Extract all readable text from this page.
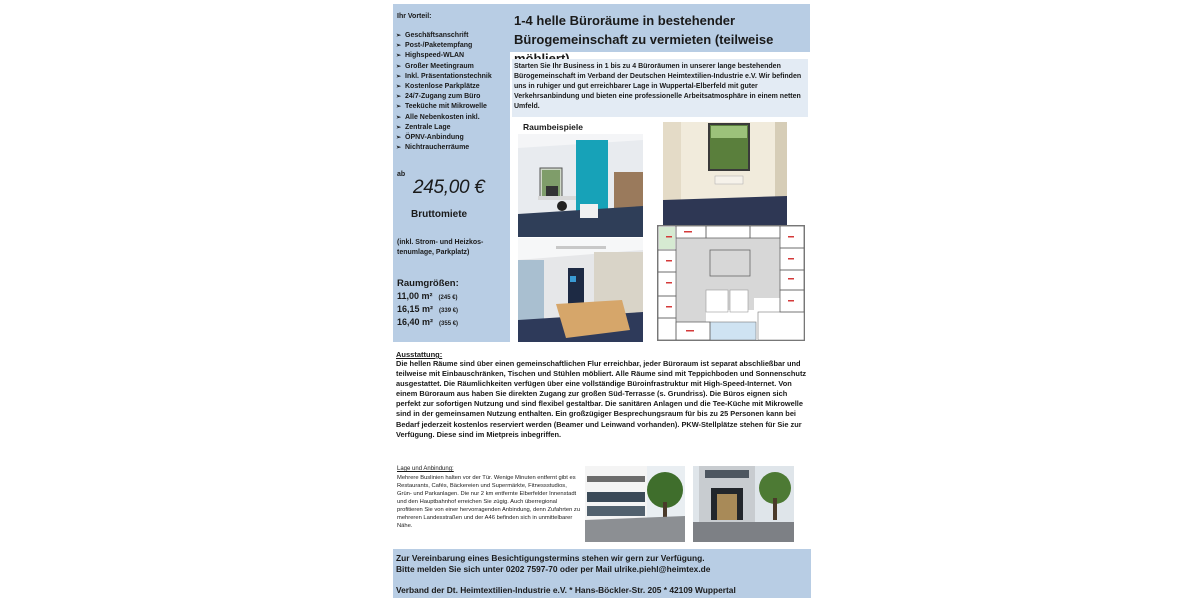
Ihr Vorteil:
➢ Geschäftsanschrift
➢ Post-/Paketempfang
➢ Highspeed-WLAN
➢ Großer Meetingraum
➢ Inkl. Präsentationstechnik
➢ Kostenlose Parkplätze
➢ 24/7-Zugang zum Büro
➢ Teeküche mit Mikrowelle
➢ Alle Nebenkosten inkl.
➢ Zentrale Lage
➢ ÖPNV-Anbindung
➢ Nichtraucherräume
ab
245,00 €
Bruttomiete
(inkl. Strom- und Heizkos-tenumlage, Parkplatz)
Raumgrößen:
11,00 m² (245 €)
16,15 m² (339 €)
16,40 m² (355 €)
1-4 helle Büroräume in bestehender Bürogemeinschaft zu vermieten (teilweise
Starten Sie Ihr Business in 1 bis zu 4 Büroräumen in unserer lange bestehenden Bürogemeinschaft im Verband der Deutschen Heimtextilien-Industrie e.V. Wir befinden uns in ruhiger und gut erreichbarer Lage in Wuppertal-Elberfeld mit guter Verkehrsanbindung und bieten eine professionelle Arbeitsatmosphäre in einem netten Umfeld.
Raumbeispiele
Ausstattung:
Die hellen Räume sind über einen gemeinschaftlichen Flur erreichbar, jeder Büroraum ist separat abschließbar und teilweise mit Einbauschränken, Tischen und Stühlen möbliert. Alle Räume sind mit Teppichboden und Sonnenschutz ausgestattet. Die Räumlichkeiten verfügen über eine vollständige Büroinfrastruktur mit High-Speed-Internet. Von einem Büroraum aus haben Sie direkten Zugang zur großen Süd-Terrasse (s. Grundriss). Die Büros eignen sich perfekt zur sofortigen Nutzung und sind flexibel gestaltbar. Die sanitären Anlagen und die Tee-Küche mit Mikrowelle sind in der gemeinsamen Nutzung enthalten. Ein großzügiger Besprechungsraum für bis zu 25 Personen kann bei Bedarf jederzeit kostenlos reserviert werden (Beamer und Leinwand vorhanden). PKW-Stellplätze stehen für Sie zur Verfügung. Diese sind im Mietpreis inbegriffen.
Lage und Anbindung:
Mehrere Buslinien halten vor der Tür. Wenige Minuten entfernt gibt es Restaurants, Cafés, Bäckereien und Supermärkte, Fitnessstudios, Grün- und Parkanlagen. Die nur 2 km entfernte Elberfelder Innenstadt und den Hauptbahnhof erreichen Sie zügig. Auch überregional profitieren Sie von einer hervorragenden Anbindung, denn Zufahrten zu mehreren Landesstraßen und der A46 befinden sich in unmittelbarer Nähe.
Zur Vereinbarung eines Besichtigungstermins stehen wir gern zur Verfügung.
Bitte melden Sie sich unter 0202 7597-70 oder per Mail ulrike.piehl@heimtex.de
Verband der Dt. Heimtextilien-Industrie e.V. * Hans-Böckler-Str. 205 * 42109 Wuppertal
